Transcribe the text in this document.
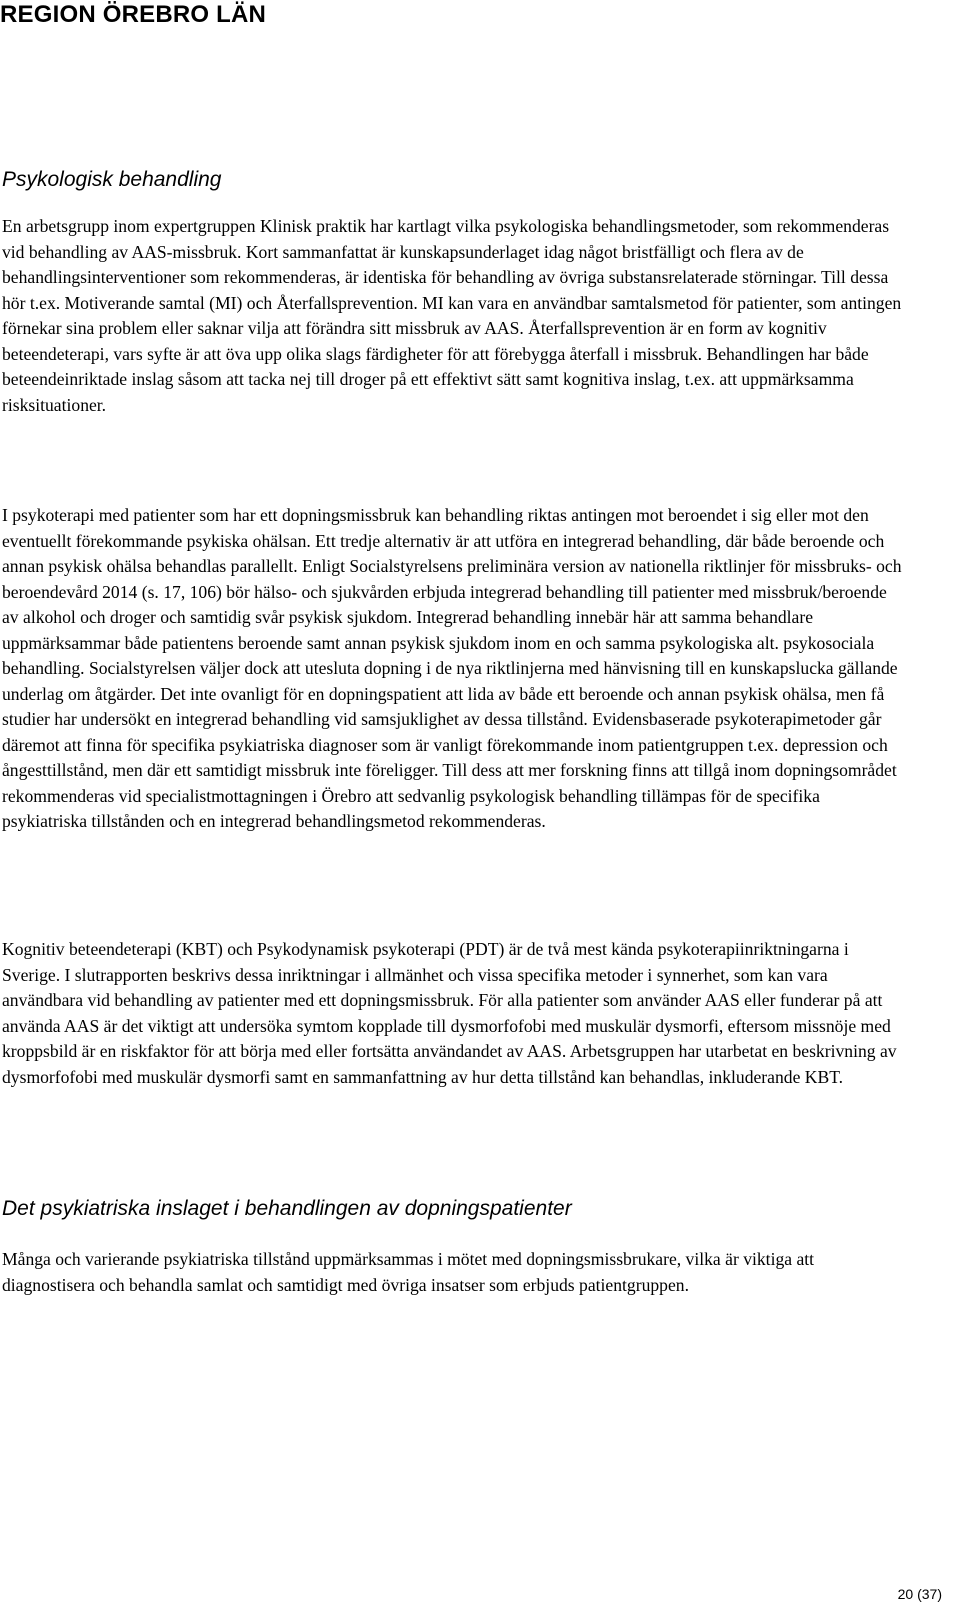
REGION ÖREBRO LÄN
Psykologisk behandling

En arbetsgrupp inom expertgruppen Klinisk praktik har kartlagt vilka psykologiska behandlingsmetoder, som rekommenderas vid behandling av AAS-missbruk. Kort sammanfattat är kunskapsunderlaget idag något bristfälligt och flera av de behandlingsinterventioner som rekommenderas, är identiska för behandling av övriga substansrelaterade störningar. Till dessa hör t.ex. Motiverande samtal (MI) och Återfallsprevention. MI kan vara en användbar samtalsmetod för patienter, som antingen förnekar sina problem eller saknar vilja att förändra sitt missbruk av AAS. Återfallsprevention är en form av kognitiv beteendeterapi, vars syfte är att öva upp olika slags färdigheter för att förebygga återfall i missbruk. Behandlingen har både beteendeinriktade inslag såsom att tacka nej till droger på ett effektivt sätt samt kognitiva inslag, t.ex. att uppmärksamma risksituationer.

I psykoterapi med patienter som har ett dopningsmissbruk kan behandling riktas antingen mot beroendet i sig eller mot den eventuellt förekommande psykiska ohälsan. Ett tredje alternativ är att utföra en integrerad behandling, där både beroende och annan psykisk ohälsa behandlas parallellt. Enligt Socialstyrelsens preliminära version av nationella riktlinjer för missbruks- och beroendevård 2014 (s. 17, 106) bör hälso- och sjukvården erbjuda integrerad behandling till patienter med missbruk/beroende av alkohol och droger och samtidig svår psykisk sjukdom. Integrerad behandling innebär här att samma behandlare uppmärksammar både patientens beroende samt annan psykisk sjukdom inom en och samma psykologiska alt. psykosociala behandling. Socialstyrelsen väljer dock att utesluta dopning i de nya riktlinjerna med hänvisning till en kunskapslucka gällande underlag om åtgärder. Det inte ovanligt för en dopningspatient att lida av både ett beroende och annan psykisk ohälsa, men få studier har undersökt en integrerad behandling vid samsjuklighet av dessa tillstånd. Evidensbaserade psykoterapimetoder går däremot att finna för specifika psykiatriska diagnoser som är vanligt förekommande inom patientgruppen t.ex. depression och ångesttillstånd, men där ett samtidigt missbruk inte föreligger. Till dess att mer forskning finns att tillgå inom dopningsområdet rekommenderas vid specialistmottagningen i Örebro att sedvanlig psykologisk behandling tillämpas för de specifika psykiatriska tillstånden och en integrerad behandlingsmetod rekommenderas.

Kognitiv beteendeterapi (KBT) och Psykodynamisk psykoterapi (PDT) är de två mest kända psykoterapiinriktningarna i Sverige. I slutrapporten beskrivs dessa inriktningar i allmänhet och vissa specifika metoder i synnerhet, som kan vara användbara vid behandling av patienter med ett dopningsmissbruk. För alla patienter som använder AAS eller funderar på att använda AAS är det viktigt att undersöka symtom kopplade till dysmorfofobi med muskulär dysmorfi, eftersom missnöje med kroppsbild är en riskfaktor för att börja med eller fortsätta användandet av AAS. Arbetsgruppen har utarbetat en beskrivning av dysmorfofobi med muskulär dysmorfi samt en sammanfattning av hur detta tillstånd kan behandlas, inkluderande KBT.

Det psykiatriska inslaget i behandlingen av dopningspatienter

Många och varierande psykiatriska tillstånd uppmärksammas i mötet med dopningsmissbrukare, vilka är viktiga att diagnostisera och behandla samlat och samtidigt med övriga insatser som erbjuds patientgruppen.

20 (37)
